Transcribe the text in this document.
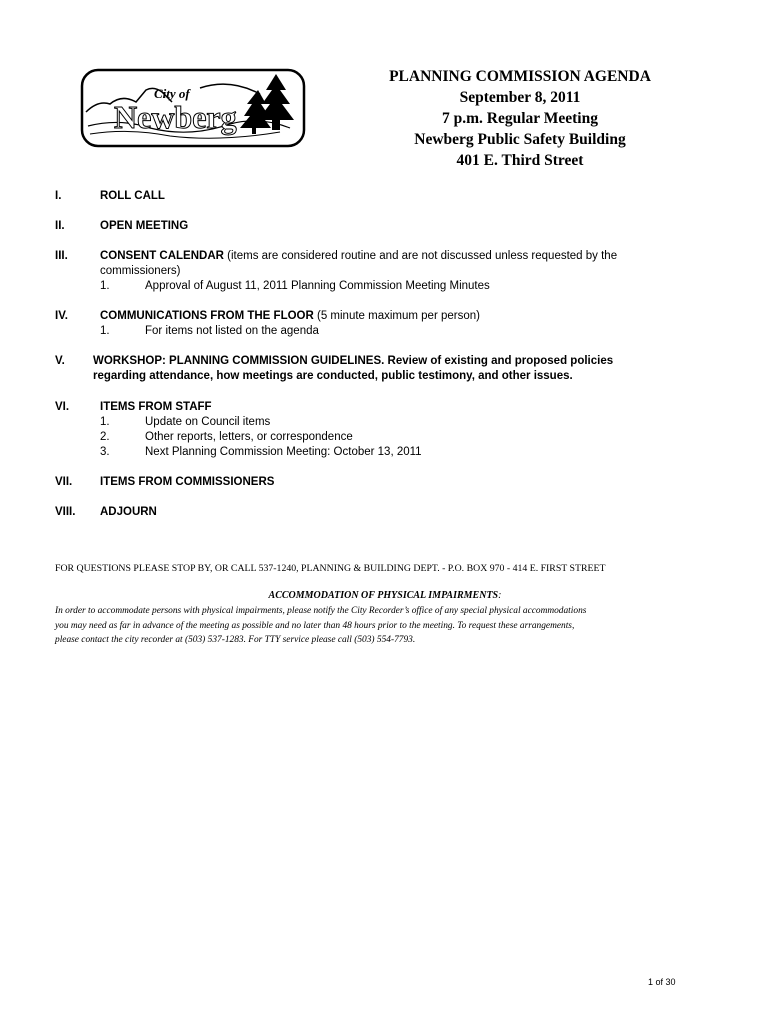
City of
Newberg
PLANNING COMMISSION AGENDA
September 8, 2011
7 p.m. Regular Meeting
Newberg Public Safety Building
401 E. Third Street
I.	ROLL CALL
II.	OPEN MEETING
III.	CONSENT CALENDAR (items are considered routine and are not discussed unless requested by the
commissioners)
1.	Approval of August 11, 2011 Planning Commission Meeting Minutes
IV.	COMMUNICATIONS FROM THE FLOOR (5 minute maximum per person)
1.	For items not listed on the agenda
V. WORKSHOP: PLANNING COMMISSION GUIDELINES. Review of existing and proposed policies
regarding attendance, how meetings are conducted, public testimony, and other issues.
VI.	ITEMS FROM STAFF
1.	Update on Council items
2.	Other reports, letters, or correspondence
3.	Next Planning Commission Meeting: October 13, 2011
VII. ITEMS FROM COMMISSIONERS
VIII. ADJOURN
FOR QUESTIONS PLEASE STOP BY, OR CALL 537-1240, PLANNING & BUILDING DEPT. - P.O. BOX 970 - 414 E. FIRST STREET
ACCOMMODATION OF PHYSICAL IMPAIRMENTS:
In order to accommodate persons with physical impairments, please notify the City Recorder’s office of any special physical accommodations
you may need as far in advance of the meeting as possible and no later than 48 hours prior to the meeting. To request these arrangements,
please contact the city recorder at (503) 537-1283. For TTY service please call (503) 554-7793.
1 of 30
